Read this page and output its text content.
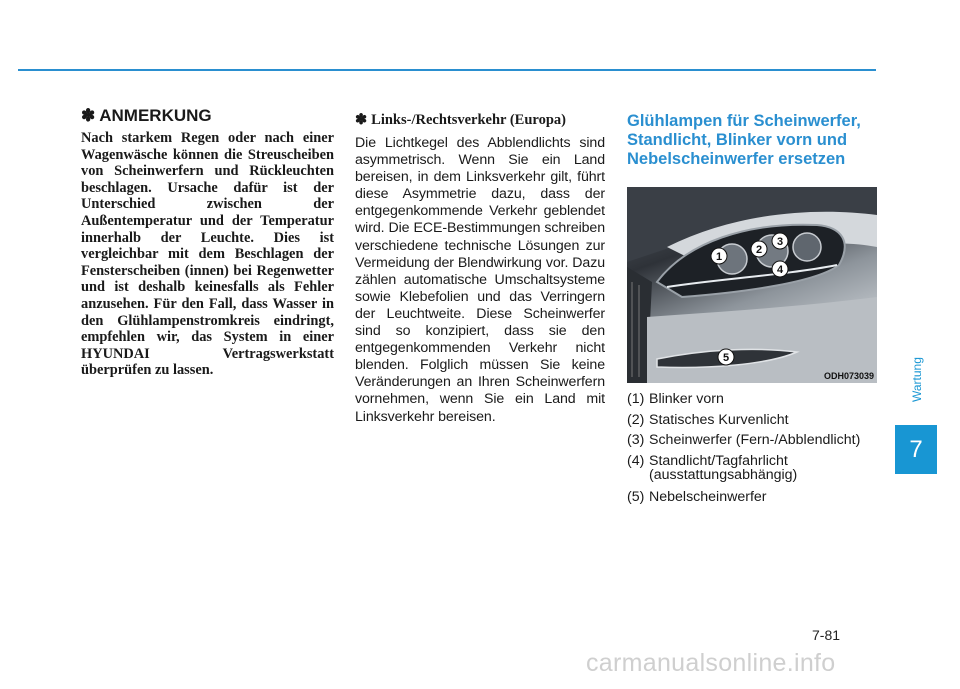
✽ ANMERKUNG
Nach starkem Regen oder nach einer Wagenwäsche können die Streuscheiben von Scheinwerfern und Rückleuchten beschlagen. Ursache dafür ist der Unterschied zwischen der Außentemperatur und der Temperatur innerhalb der Leuchte. Dies ist vergleichbar mit dem Beschlagen der Fensterscheiben (innen) bei Regenwetter und ist deshalb keinesfalls als Fehler anzusehen. Für den Fall, dass Wasser in den Glühlampenstromkreis eindringt, empfehlen wir, das System in einer HYUNDAI Vertragswerkstatt überprüfen zu lassen.
✽ Links-/Rechtsverkehr (Europa)
Die Lichtkegel des Abblendlichts sind asymmetrisch. Wenn Sie ein Land bereisen, in dem Linksverkehr gilt, führt diese Asymmetrie dazu, dass der entgegenkommende Verkehr geblendet wird. Die ECE-Bestimmungen schreiben verschiedene technische Lösungen zur Vermeidung der Blendwirkung vor. Dazu zählen automatische Umschaltsysteme sowie Klebefolien und das Verringern der Leuchtweite. Diese Scheinwerfer sind so konzipiert, dass sie den entgegenkommenden Verkehr nicht blenden. Folglich müssen Sie keine Veränderungen an Ihren Scheinwerfern vornehmen, wenn Sie ein Land mit Linksverkehr bereisen.
Glühlampen für Scheinwerfer, Standlicht, Blinker vorn und Nebelscheinwerfer ersetzen
1
2
3
4
5
ODH073039
(1) Blinker vorn
(2) Statisches Kurvenlicht
(3) Scheinwerfer (Fern-/Abblendlicht)
(4) Standlicht/Tagfahrlicht
(ausstattungsabhängig)
(5) Nebelscheinwerfer
Wartung
7
7-81
carmanualsonline.info
